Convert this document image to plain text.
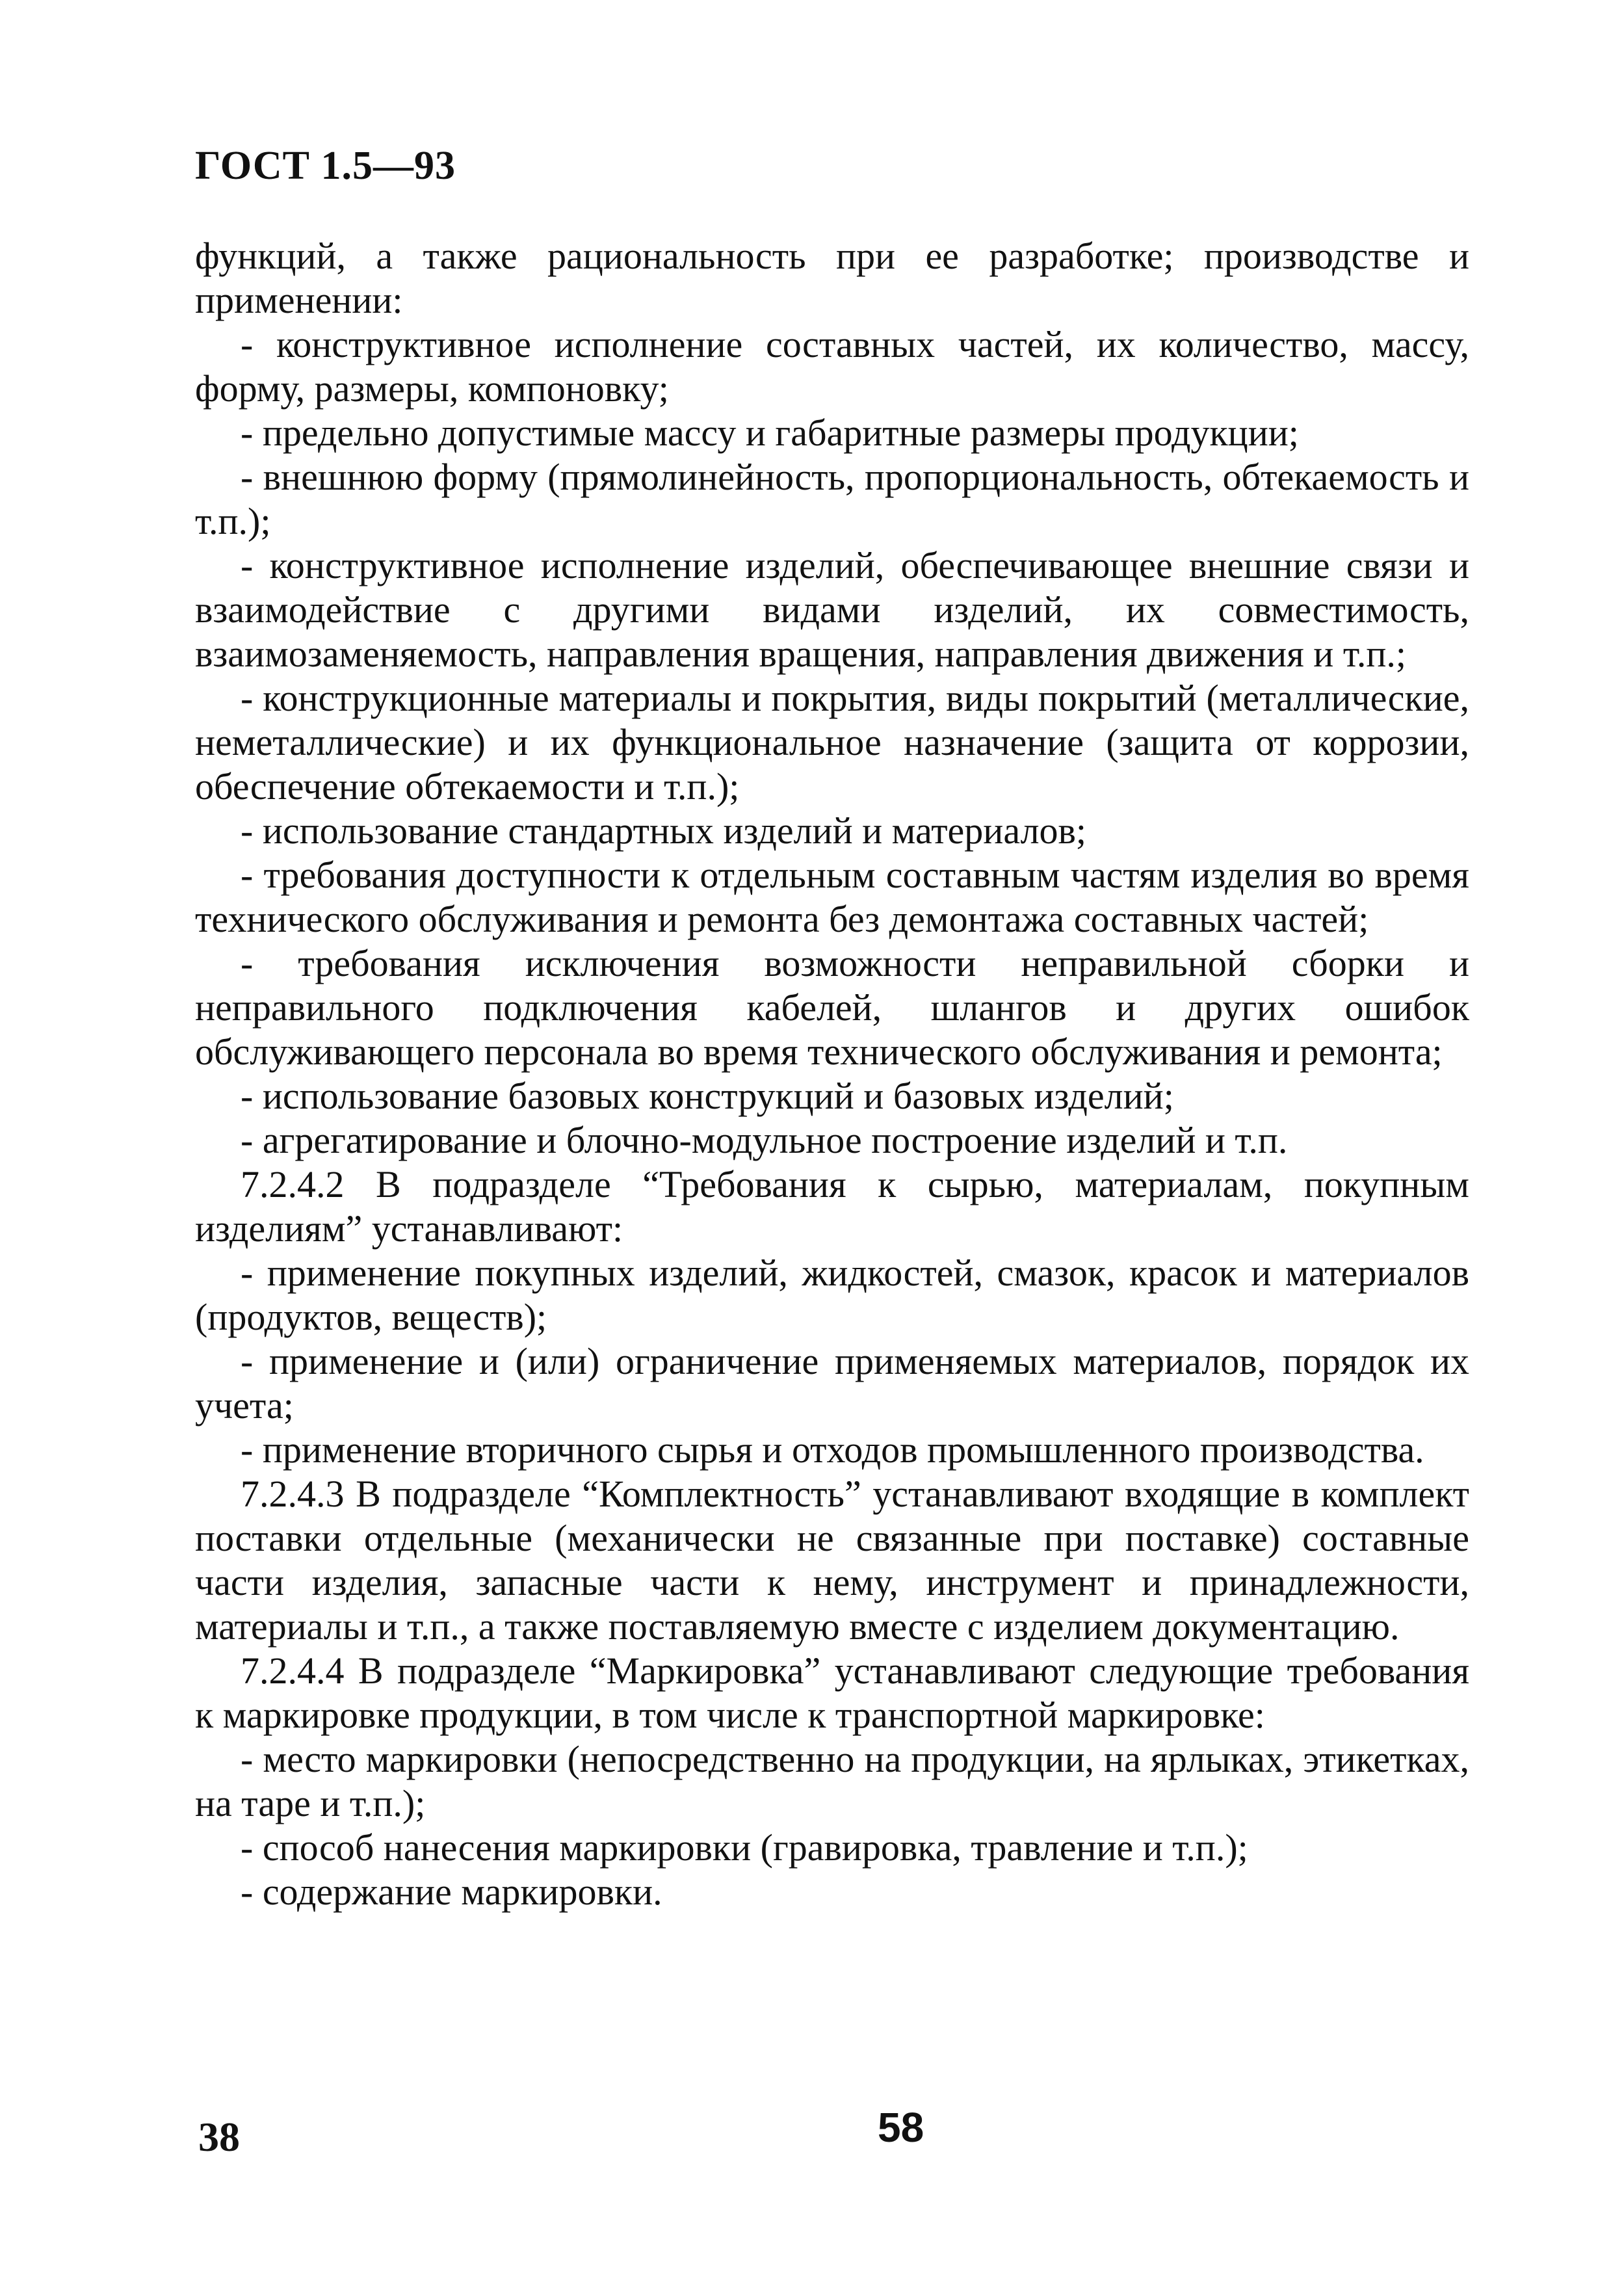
ГОСТ 1.5—93

функций, а также рациональность при ее разработке; производстве и применении:

- конструктивное исполнение составных частей, их количество, массу, форму, размеры, компоновку;

- предельно допустимые массу и габаритные размеры продукции;

- внешнюю форму (прямолинейность, пропорциональность, обтекаемость и т.п.);

- конструктивное исполнение изделий, обеспечивающее внешние связи и взаимодействие с другими видами изделий, их совместимость, взаимозаменяемость, направления вращения, направления движения и т.п.;

- конструкционные материалы и покрытия, виды покрытий (металлические, неметаллические) и их функциональное назначение (защита от коррозии, обеспечение обтекаемости и т.п.);

- использование стандартных изделий и материалов;

- требования доступности к отдельным составным частям изделия во время технического обслуживания и ремонта без демонтажа составных частей;

- требования исключения возможности неправильной сборки и неправильного подключения кабелей, шлангов и других ошибок обслуживающего персонала во время технического обслуживания и ремонта;

- использование базовых конструкций и базовых изделий;

- агрегатирование и блочно-модульное построение изделий и т.п.

7.2.4.2 В подразделе “Требования к сырью, материалам, покупным изделиям” устанавливают:

- применение покупных изделий, жидкостей, смазок, красок и материалов (продуктов, веществ);

- применение и (или) ограничение применяемых материалов, порядок их учета;

- применение вторичного сырья и отходов промышленного производства.

7.2.4.3 В подразделе “Комплектность” устанавливают входящие в комплект поставки отдельные (механически не связанные при поставке) составные части изделия, запасные части к нему, инструмент и принадлежности, материалы и т.п., а также поставляемую вместе с изделием документацию.

7.2.4.4 В подразделе “Маркировка” устанавливают следующие требования к маркировке продукции, в том числе к транспортной маркировке:

- место маркировки (непосредственно на продукции, на ярлыках, этикетках, на таре и т.п.);

- способ нанесения маркировки (гравировка, травление и т.п.);

- содержание маркировки.

38	58
